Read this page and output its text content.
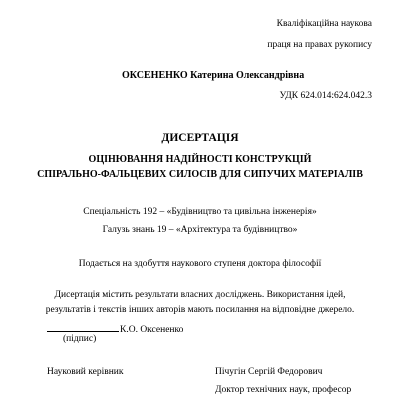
Кваліфікаційна наукова
праця на правах рукопису
ОКСЕНЕНКО Катерина Олександрівна
УДК 624.014:624.042.3
ДИСЕРТАЦІЯ
ОЦІНЮВАННЯ НАДІЙНОСТІ КОНСТРУКЦІЙ
СПІРАЛЬНО-ФАЛЬЦЕВИХ СИЛОСІВ ДЛЯ СИПУЧИХ МАТЕРІАЛІВ
Спеціальність 192 – «Будівництво та цивільна інженерія»
Галузь знань 19 – «Архітектура та будівництво»
Подається на здобуття наукового ступеня доктора філософії
Дисертація містить результати власних досліджень. Використання ідей,
результатів і текстів інших авторів мають посилання на відповідне джерело.
К.О. Оксененко
(підпис)
Науковий керівник	Пічугін Сергій Федорович
Доктор технічних наук, професор
